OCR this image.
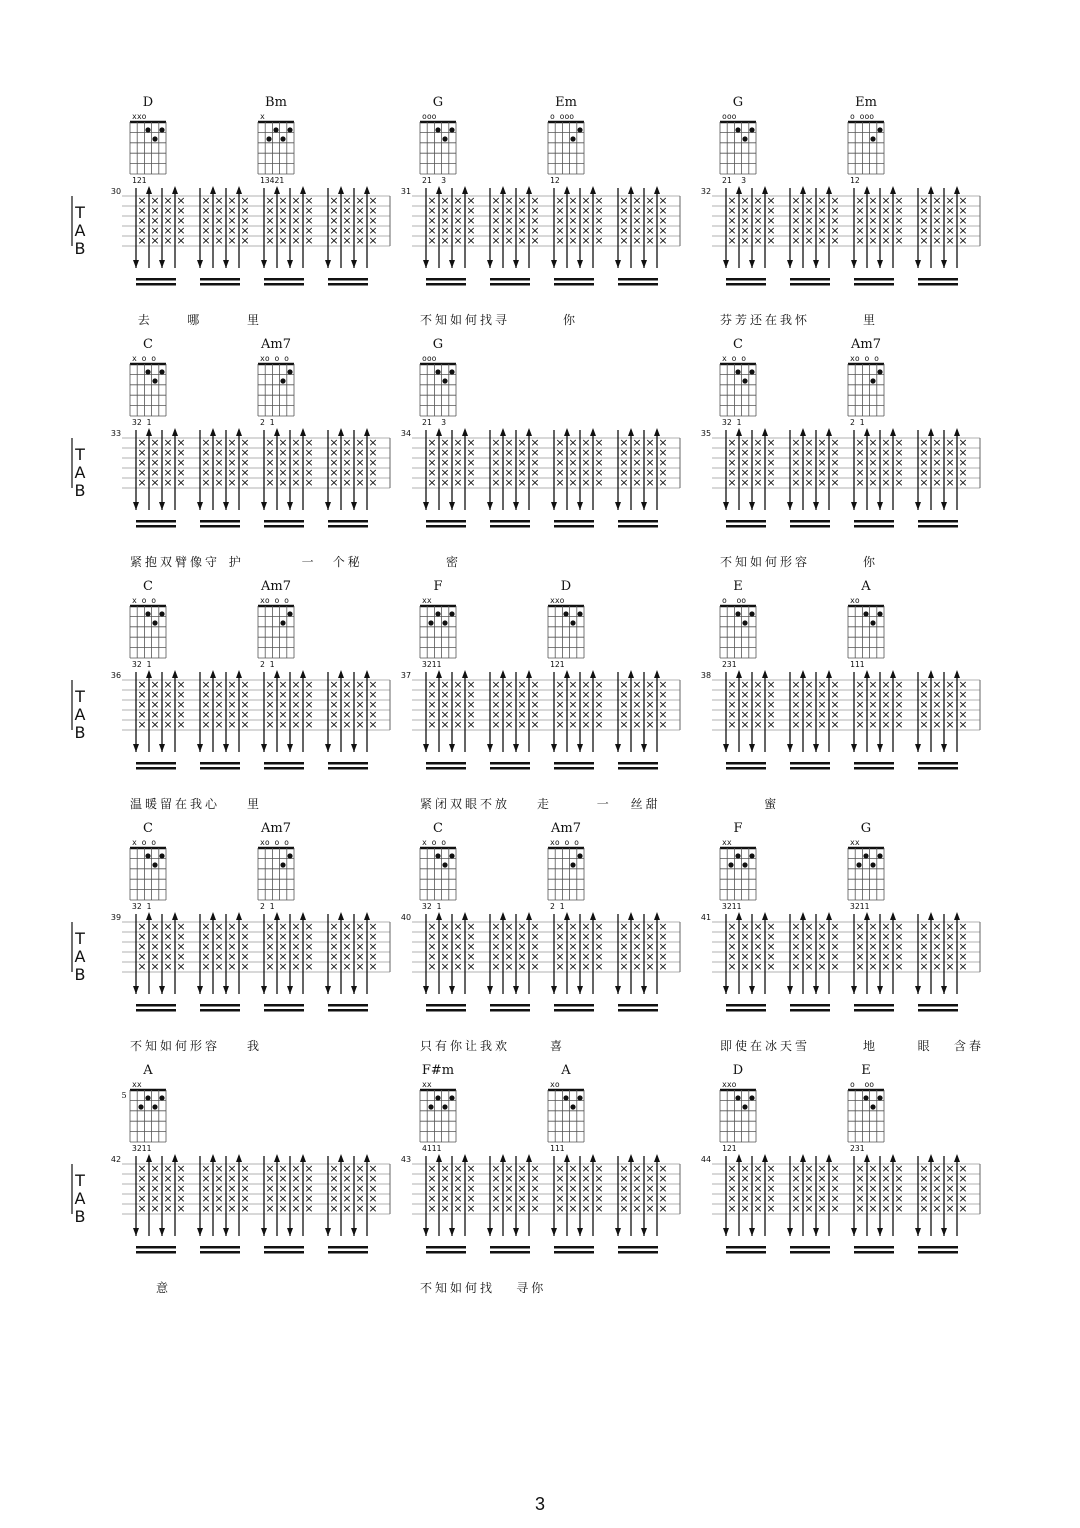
T
A
B
30
×
×
×
×
×
×
×
×
×
×
×
×
×
×
×
×
×
×
×
×
×
×
×
×
×
×
×
×
×
×
×
×
×
×
×
×
×
×
×
×
×
×
×
×
×
×
×
×
×
×
×
×
×
×
×
×
×
×
×
×
×
×
×
×
×
×
×
×
×
×
×
×
×
×
×
×
×
×
×
×
去	哪	里
D
xxo
121
Bm
x
13421
31
×
×
×
×
×
×
×
×
×
×
×
×
×
×
×
×
×
×
×
×
×
×
×
×
×
×
×
×
×
×
×
×
×
×
×
×
×
×
×
×
×
×
×
×
×
×
×
×
×
×
×
×
×
×
×
×
×
×
×
×
×
×
×
×
×
×
×
×
×
×
×
×
×
×
×
×
×
×
×
×
不知如何找寻	你
G
ooo
21  3
Em
o ooo
12
32
×
×
×
×
×
×
×
×
×
×
×
×
×
×
×
×
×
×
×
×
×
×
×
×
×
×
×
×
×
×
×
×
×
×
×
×
×
×
×
×
×
×
×
×
×
×
×
×
×
×
×
×
×
×
×
×
×
×
×
×
×
×
×
×
×
×
×
×
×
×
×
×
×
×
×
×
×
×
×
×
芬芳还在我怀	里
G
ooo
21  3
Em
o ooo
12
T
A
B
33
×
×
×
×
×
×
×
×
×
×
×
×
×
×
×
×
×
×
×
×
×
×
×
×
×
×
×
×
×
×
×
×
×
×
×
×
×
×
×
×
×
×
×
×
×
×
×
×
×
×
×
×
×
×
×
×
×
×
×
×
×
×
×
×
×
×
×
×
×
×
×
×
×
×
×
×
×
×
×
×
紧抱双臂像守 护	一 个秘
C
x o o
32 1
Am7
xo o o
2 1
34
×
×
×
×
×
×
×
×
×
×
×
×
×
×
×
×
×
×
×
×
×
×
×
×
×
×
×
×
×
×
×
×
×
×
×
×
×
×
×
×
×
×
×
×
×
×
×
×
×
×
×
×
×
×
×
×
×
×
×
×
×
×
×
×
×
×
×
×
×
×
×
×
×
×
×
×
×
×
×
×
密
G
ooo
21  3
35
×
×
×
×
×
×
×
×
×
×
×
×
×
×
×
×
×
×
×
×
×
×
×
×
×
×
×
×
×
×
×
×
×
×
×
×
×
×
×
×
×
×
×
×
×
×
×
×
×
×
×
×
×
×
×
×
×
×
×
×
×
×
×
×
×
×
×
×
×
×
×
×
×
×
×
×
×
×
×
×
不知如何形容	你
C
x o o
32 1
Am7
xo o o
2 1
T
A
B
36
×
×
×
×
×
×
×
×
×
×
×
×
×
×
×
×
×
×
×
×
×
×
×
×
×
×
×
×
×
×
×
×
×
×
×
×
×
×
×
×
×
×
×
×
×
×
×
×
×
×
×
×
×
×
×
×
×
×
×
×
×
×
×
×
×
×
×
×
×
×
×
×
×
×
×
×
×
×
×
×
温暖留在我心 里
C
x o o
32 1
Am7
xo o o
2 1
37
×
×
×
×
×
×
×
×
×
×
×
×
×
×
×
×
×
×
×
×
×
×
×
×
×
×
×
×
×
×
×
×
×
×
×
×
×
×
×
×
×
×
×
×
×
×
×
×
×
×
×
×
×
×
×
×
×
×
×
×
×
×
×
×
×
×
×
×
×
×
×
×
×
×
×
×
×
×
×
×
紧闭双眼不放 走	一 丝甜
F
xx
3211
D
xxo
121
38
×
×
×
×
×
×
×
×
×
×
×
×
×
×
×
×
×
×
×
×
×
×
×
×
×
×
×
×
×
×
×
×
×
×
×
×
×
×
×
×
×
×
×
×
×
×
×
×
×
×
×
×
×
×
×
×
×
×
×
×
×
×
×
×
×
×
×
×
×
×
×
×
×
×
×
×
×
×
×
×
蜜
E
o  oo
231
A
xo
111
T
A
B
39
×
×
×
×
×
×
×
×
×
×
×
×
×
×
×
×
×
×
×
×
×
×
×
×
×
×
×
×
×
×
×
×
×
×
×
×
×
×
×
×
×
×
×
×
×
×
×
×
×
×
×
×
×
×
×
×
×
×
×
×
×
×
×
×
×
×
×
×
×
×
×
×
×
×
×
×
×
×
×
×
不知如何形容 我
C
x o o
32 1
Am7
xo o o
2 1
40
×
×
×
×
×
×
×
×
×
×
×
×
×
×
×
×
×
×
×
×
×
×
×
×
×
×
×
×
×
×
×
×
×
×
×
×
×
×
×
×
×
×
×
×
×
×
×
×
×
×
×
×
×
×
×
×
×
×
×
×
×
×
×
×
×
×
×
×
×
×
×
×
×
×
×
×
×
×
×
×
只有你让我欢	喜
C
x o o
32 1
Am7
xo o o
2 1
41
×
×
×
×
×
×
×
×
×
×
×
×
×
×
×
×
×
×
×
×
×
×
×
×
×
×
×
×
×
×
×
×
×
×
×
×
×
×
×
×
×
×
×
×
×
×
×
×
×
×
×
×
×
×
×
×
×
×
×
×
×
×
×
×
×
×
×
×
×
×
×
×
×
×
×
×
×
×
×
×
即使在冰天雪	地	眼 含春
F
xx
3211
G
xx
3211
T
A
B
42
×
×
×
×
×
×
×
×
×
×
×
×
×
×
×
×
×
×
×
×
×
×
×
×
×
×
×
×
×
×
×
×
×
×
×
×
×
×
×
×
×
×
×
×
×
×
×
×
×
×
×
×
×
×
×
×
×
×
×
×
×
×
×
×
×
×
×
×
×
×
×
×
×
×
×
×
×
×
×
×
意
A
xx
5
3211
43
×
×
×
×
×
×
×
×
×
×
×
×
×
×
×
×
×
×
×
×
×
×
×
×
×
×
×
×
×
×
×
×
×
×
×
×
×
×
×
×
×
×
×
×
×
×
×
×
×
×
×
×
×
×
×
×
×
×
×
×
×
×
×
×
×
×
×
×
×
×
×
×
×
×
×
×
×
×
×
×
不知如何找 寻你
F#m
xx
4111
A
xo
111
44
×
×
×
×
×
×
×
×
×
×
×
×
×
×
×
×
×
×
×
×
×
×
×
×
×
×
×
×
×
×
×
×
×
×
×
×
×
×
×
×
×
×
×
×
×
×
×
×
×
×
×
×
×
×
×
×
×
×
×
×
×
×
×
×
×
×
×
×
×
×
×
×
×
×
×
×
×
×
×
×
D
xxo
121
E
o  oo
231
3
